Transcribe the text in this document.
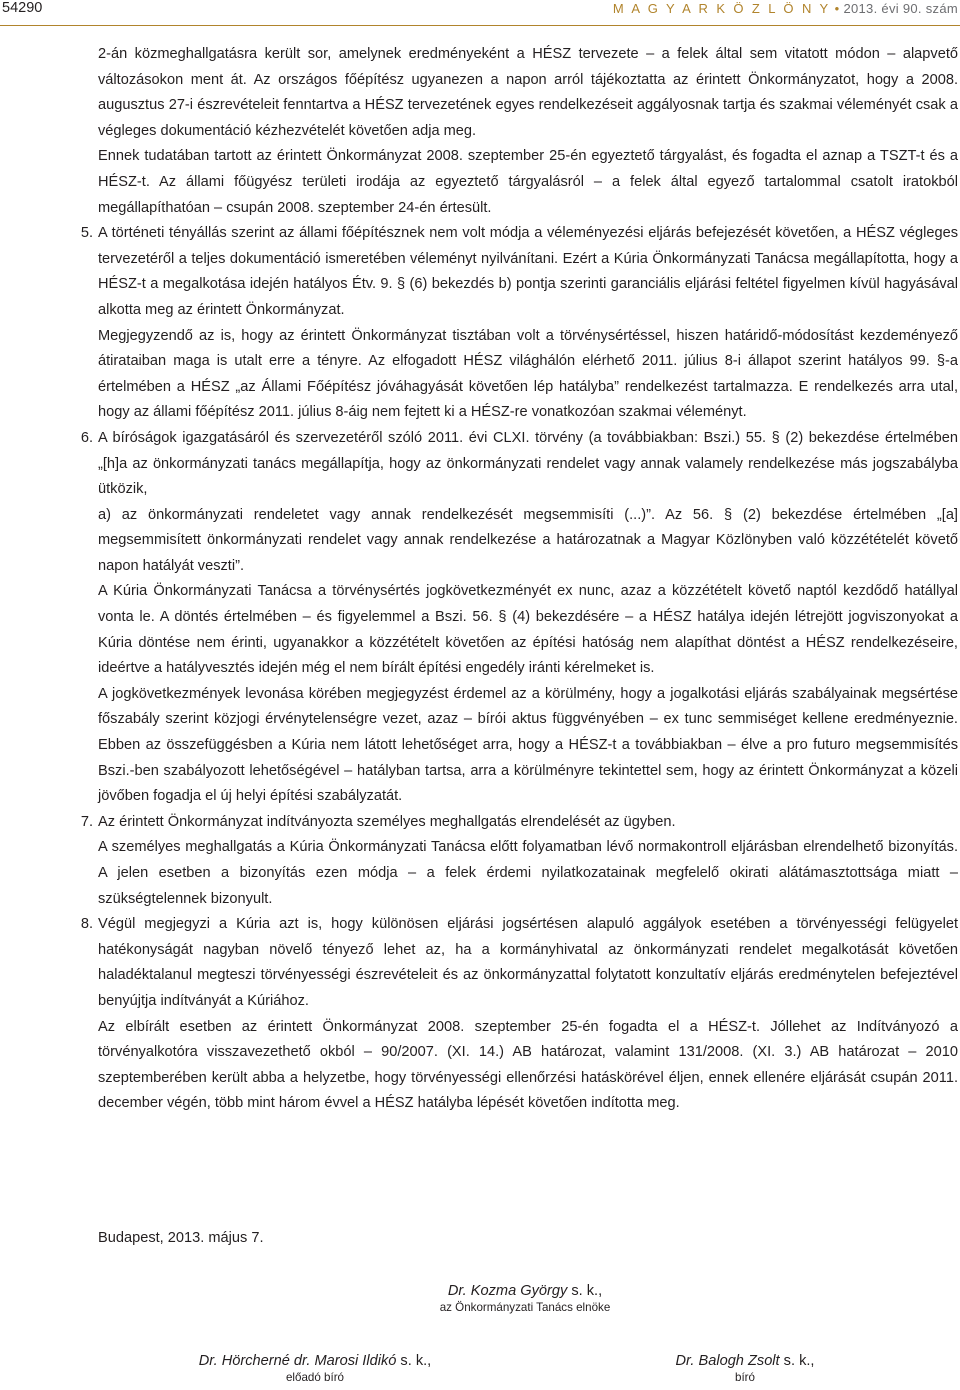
54290	M A G Y A R K Ö Z L Ö N Y • 2013. évi 90. szám

2-án közmeghallgatásra került sor, amelynek eredményeként a HÉSZ tervezete – a felek által sem vitatott módon – alapvető változásokon ment át. Az országos főépítész ugyanezen a napon arról tájékoztatta az érintett Önkormányzatot, hogy a 2008. augusztus 27-i észrevételeit fenntartva a HÉSZ tervezetének egyes rendelkezéseit aggályosnak tartja és szakmai véleményét csak a végleges dokumentáció kézhezvételét követően adja meg.

Ennek tudatában tartott az érintett Önkormányzat 2008. szeptember 25-én egyeztető tárgyalást, és fogadta el aznap a TSZT-t és a HÉSZ-t. Az állami főügyész területi irodája az egyeztető tárgyalásról – a felek által egyező tartalommal csatolt iratokból megállapíthatóan – csupán 2008. szeptember 24-én értesült.

5. A történeti tényállás szerint az állami főépítésznek nem volt módja a véleményezési eljárás befejezését követően, a HÉSZ végleges tervezetéről a teljes dokumentáció ismeretében véleményt nyilvánítani. Ezért a Kúria Önkormányzati Tanácsa megállapította, hogy a HÉSZ-t a megalkotása idején hatályos Étv. 9. § (6) bekezdés b) pontja szerinti garanciális eljárási feltétel figyelmen kívül hagyásával alkotta meg az érintett Önkormányzat.

Megjegyzendő az is, hogy az érintett Önkormányzat tisztában volt a törvénysértéssel, hiszen határidő-módosítást kezdeményező átirataiban maga is utalt erre a tényre. Az elfogadott HÉSZ világhálón elérhető 2011. július 8-i állapot szerint hatályos 99. §-a értelmében a HÉSZ „az Állami Főépítész jóváhagyását követően lép hatályba” rendelkezést tartalmazza. E rendelkezés arra utal, hogy az állami főépítész 2011. július 8-áig nem fejtett ki a HÉSZ-re vonatkozóan szakmai véleményt.

6. A bíróságok igazgatásáról és szervezetéről szóló 2011. évi CLXI. törvény (a továbbiakban: Bszi.) 55. § (2) bekezdése értelmében „[h]a az önkormányzati tanács megállapítja, hogy az önkormányzati rendelet vagy annak valamely rendelkezése más jogszabályba ütközik,

a) az önkormányzati rendeletet vagy annak rendelkezését megsemmisíti (...)”. Az 56. § (2) bekezdése értelmében „[a] megsemmisített önkormányzati rendelet vagy annak rendelkezése a határozatnak a Magyar Közlönyben való közzétételét követő napon hatályát veszti”.

A Kúria Önkormányzati Tanácsa a törvénysértés jogkövetkezményét ex nunc, azaz a közzétételt követő naptól kezdődő hatállyal vonta le. A döntés értelmében – és figyelemmel a Bszi. 56. § (4) bekezdésére – a HÉSZ hatálya idején létrejött jogviszonyokat a Kúria döntése nem érinti, ugyanakkor a közzétételt követően az építési hatóság nem alapíthat döntést a HÉSZ rendelkezéseire, ideértve a hatályvesztés idején még el nem bírált építési engedély iránti kérelmeket is.

A jogkövetkezmények levonása körében megjegyzést érdemel az a körülmény, hogy a jogalkotási eljárás szabályainak megsértése főszabály szerint közjogi érvénytelenségre vezet, azaz – bírói aktus függvényében – ex tunc semmiséget kellene eredményeznie. Ebben az összefüggésben a Kúria nem látott lehetőséget arra, hogy a HÉSZ-t a továbbiakban – élve a pro futuro megsemmisítés Bszi.-ben szabályozott lehetőségével – hatályban tartsa, arra a körülményre tekintettel sem, hogy az érintett Önkormányzat a közeli jövőben fogadja el új helyi építési szabályzatát.

7. Az érintett Önkormányzat indítványozta személyes meghallgatás elrendelését az ügyben.

A személyes meghallgatás a Kúria Önkormányzati Tanácsa előtt folyamatban lévő normakontroll eljárásban elrendelhető bizonyítás. A jelen esetben a bizonyítás ezen módja – a felek érdemi nyilatkozatainak megfelelő okirati alátámasztottsága miatt – szükségtelennek bizonyult.

8. Végül megjegyzi a Kúria azt is, hogy különösen eljárási jogsértésen alapuló aggályok esetében a törvényességi felügyelet hatékonyságát nagyban növelő tényező lehet az, ha a kormányhivatal az önkormányzati rendelet megalkotását követően haladéktalanul megteszi törvényességi észrevételeit és az önkormányzattal folytatott konzultatív eljárás eredménytelen befejeztével benyújtja indítványát a Kúriához.

Az elbírált esetben az érintett Önkormányzat 2008. szeptember 25-én fogadta el a HÉSZ-t. Jóllehet az Indítványozó a törvényalkotóra visszavezethető okból – 90/2007. (XI. 14.) AB határozat, valamint 131/2008. (XI. 3.) AB határozat – 2010 szeptemberében került abba a helyzetbe, hogy törvényességi ellenőrzési hatáskörével éljen, ennek ellenére eljárását csupán 2011. december végén, több mint három évvel a HÉSZ hatályba lépését követően indította meg.

Budapest, 2013. május 7.
Dr. Kozma György s. k.,
az Önkormányzati Tanács elnöke
Dr. Hörcherné dr. Marosi Ildikó s. k.,
előadó bíró
Dr. Balogh Zsolt s. k.,
bíró
